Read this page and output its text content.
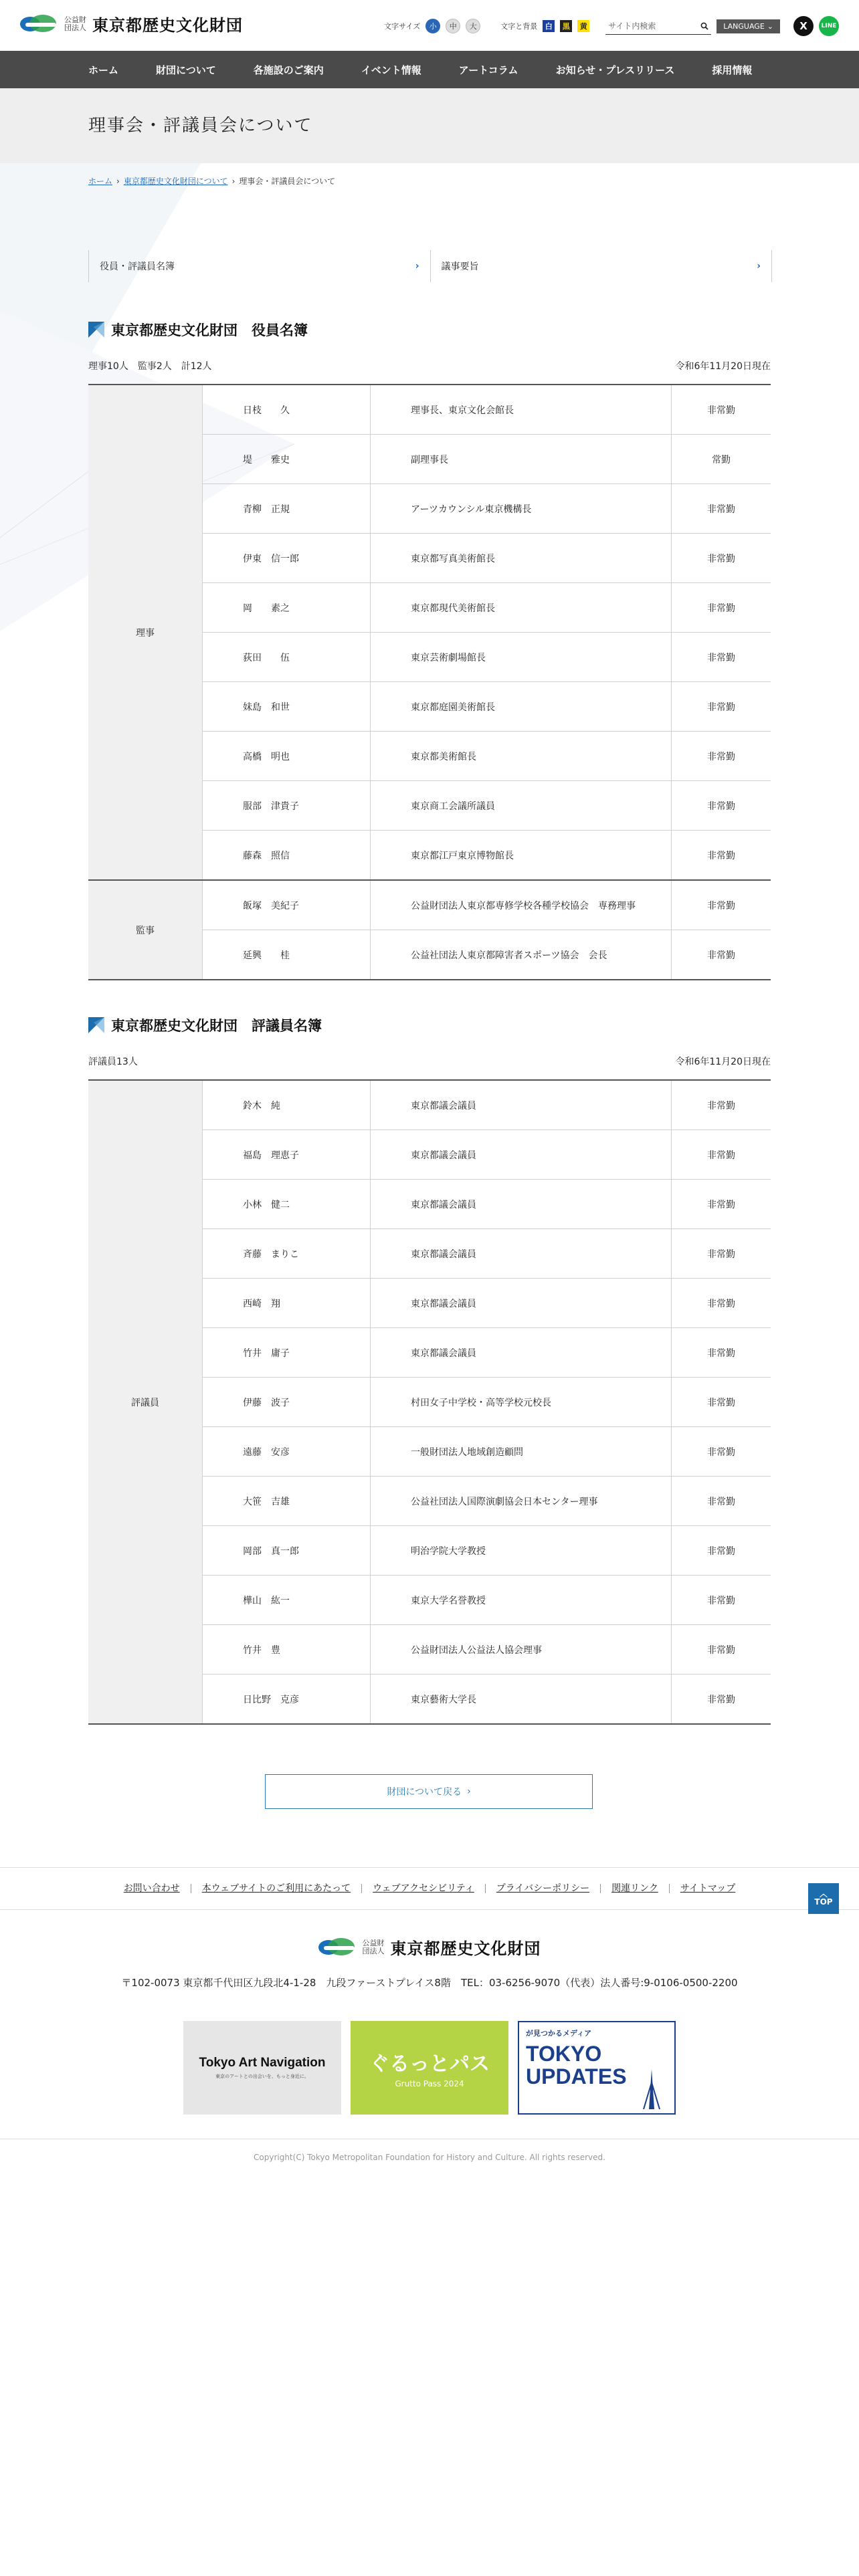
公益財団法人 東京都歴史文化財団	文字サイズ	小	中	大	文字と背景	白	黒	黄	サイト内検索	LANGUAGE ⌄	X	LINE
ホーム	財団について	各施設のご案内	イベント情報	アートコラム	お知らせ・プレスリリース	採用情報
理事会・評議員会について
ホーム › 東京都歴史文化財団について › 理事会・評議員会について
役員・評議員名簿	› 議事要旨	›
東京都歴史文化財団　役員名簿
理事10人　監事2人　計12人	令和6年11月20日現在
理事	日枝　　久	理事長、東京文化会館長	非常勤
	堤　　雅史	副理事長	常勤
	青柳　正規	アーツカウンシル東京機構長	非常勤
	伊東　信一郎	東京都写真美術館長	非常勤
	岡　　素之	東京都現代美術館長	非常勤
	荻田　　伍	東京芸術劇場館長	非常勤
	妹島　和世	東京都庭園美術館長	非常勤
	高橋　明也	東京都美術館長	非常勤
	服部　津貴子	東京商工会議所議員	非常勤
	藤森　照信	東京都江戸東京博物館長	非常勤
監事	飯塚　美紀子	公益財団法人東京都専修学校各種学校協会　専務理事	非常勤
	延興　　桂	公益社団法人東京都障害者スポーツ協会　会長	非常勤
東京都歴史文化財団　評議員名簿
評議員13人	令和6年11月20日現在
評議員	鈴木　純	東京都議会議員	非常勤
	福島　理恵子	東京都議会議員	非常勤
	小林　健二	東京都議会議員	非常勤
	斉藤　まりこ	東京都議会議員	非常勤
	西崎　翔	東京都議会議員	非常勤
	竹井　庸子	東京都議会議員	非常勤
	伊藤　波子	村田女子中学校・高等学校元校長	非常勤
	遠藤　安彦	一般財団法人地域創造顧問	非常勤
	大笹　吉雄	公益社団法人国際演劇協会日本センター理事	非常勤
	岡部　真一郎	明治学院大学教授	非常勤
	樺山　紘一	東京大学名誉教授	非常勤
	竹井　豊	公益財団法人公益法人協会理事	非常勤
	日比野　克彦	東京藝術大学長	非常勤
財団について戻る ›
お問い合わせ	本ウェブサイトのご利用にあたって	ウェブアクセシビリティ	プライバシーポリシー	関連リンク	サイトマップ	︿
TOP
公益財団法人 東京都歴史文化財団
〒102-0073 東京都千代田区九段北4-1-28　九段ファーストプレイス8階　TEL：03-6256-9070（代表）法人番号:9-0106-0500-2200
Tokyo Art Navigation
東京のアートとの出会いを、もっと身近に。
ぐるっとパス
Grutto Pass 2024
が見つかるメディア
TOKYO UPDATES
Copyright(C) Tokyo Metropolitan Foundation for History and Culture. All rights reserved.
